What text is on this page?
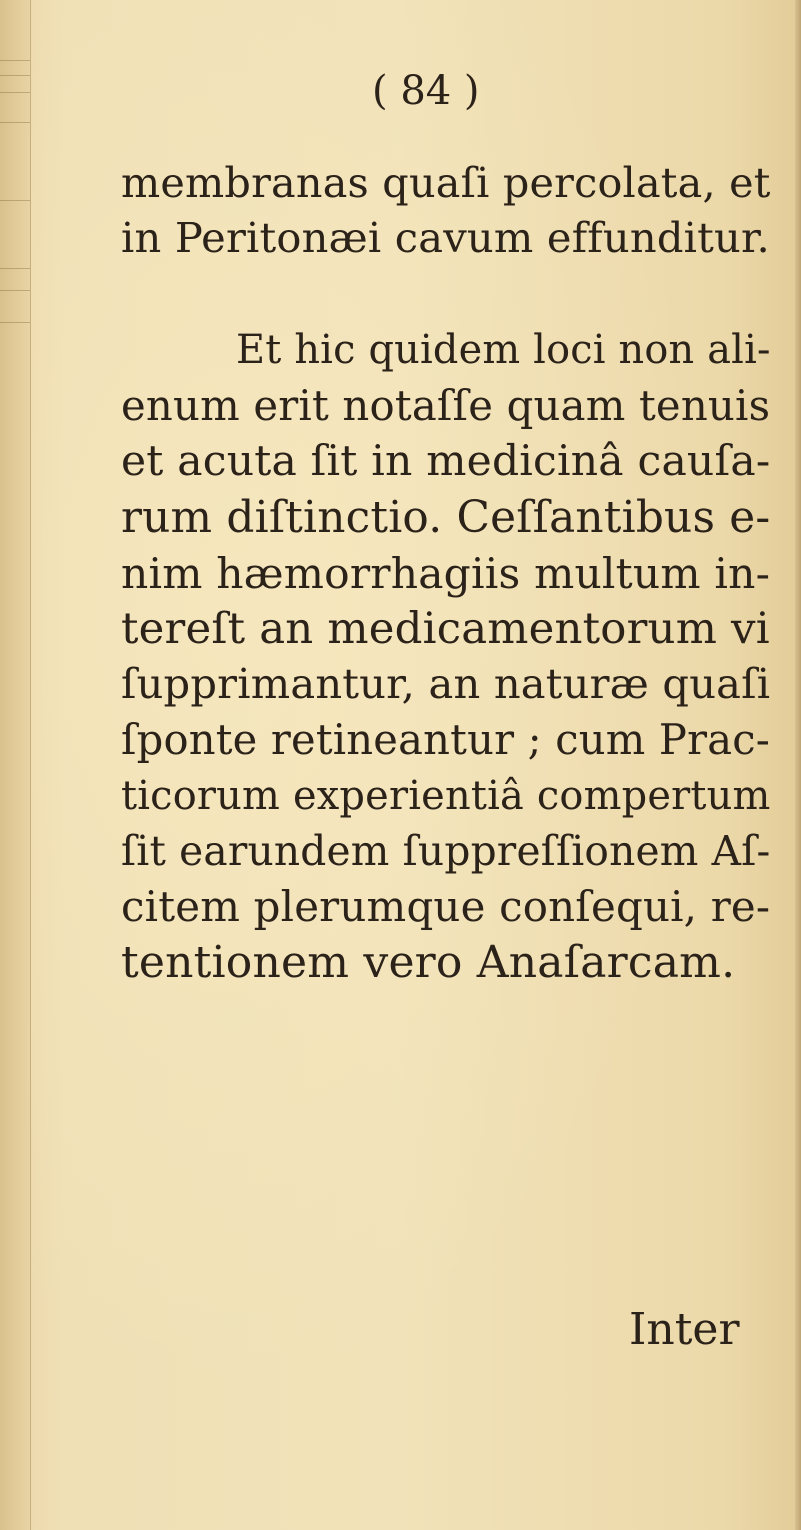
( 84 )

membranas quaſi percolata, et

in Peritonæi cavum effunditur.

Et hic quidem loci non ali-

enum erit notaſſe quam tenuis

et acuta ſit in medicinâ cauſa-

rum diſtinctio. Ceſſantibus e-

nim hæmorrhagiis multum in-

tereſt an medicamentorum vi

ſupprimantur, an naturæ quaſi

ſponte retineantur ; cum Prac-

ticorum experientiâ compertum

ſit earundem ſuppreſſionem Aſ-

citem plerumque conſequi, re-

tentionem vero Anaſarcam.

Inter
